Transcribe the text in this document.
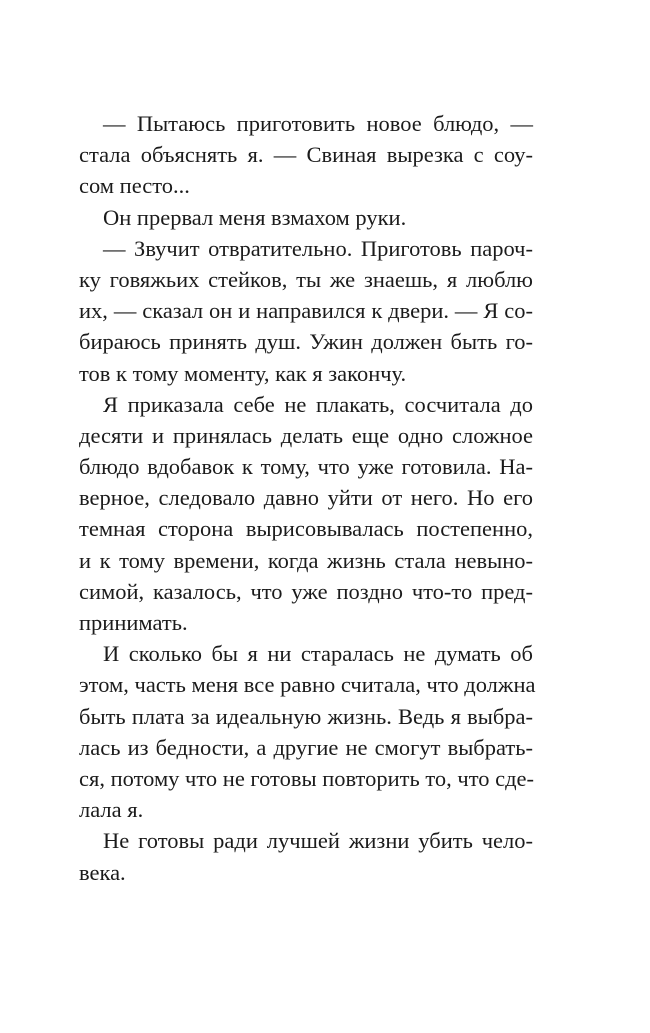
— Пытаюсь приготовить новое блюдо, —
стала объяснять я. — Свиная вырезка с соу-
сом песто...
Он прервал меня взмахом руки.
— Звучит отвратительно. Приготовь пароч-
ку говяжьих стейков, ты же знаешь, я люблю
их, — сказал он и направился к двери. — Я со-
бираюсь принять душ. Ужин должен быть го-
тов к тому моменту, как я закончу.
Я приказала себе не плакать, сосчитала до
десяти и принялась делать еще одно сложное
блюдо вдобавок к тому, что уже готовила. На-
верное, следовало давно уйти от него. Но его
темная сторона вырисовывалась постепенно,
и к тому времени, когда жизнь стала невыно-
симой, казалось, что уже поздно что-то пред-
принимать.
И сколько бы я ни старалась не думать об
этом, часть меня все равно считала, что должна
быть плата за идеальную жизнь. Ведь я выбра-
лась из бедности, а другие не смогут выбрать-
ся, потому что не готовы повторить то, что сде-
лала я.
Не готовы ради лучшей жизни убить чело-
века.
